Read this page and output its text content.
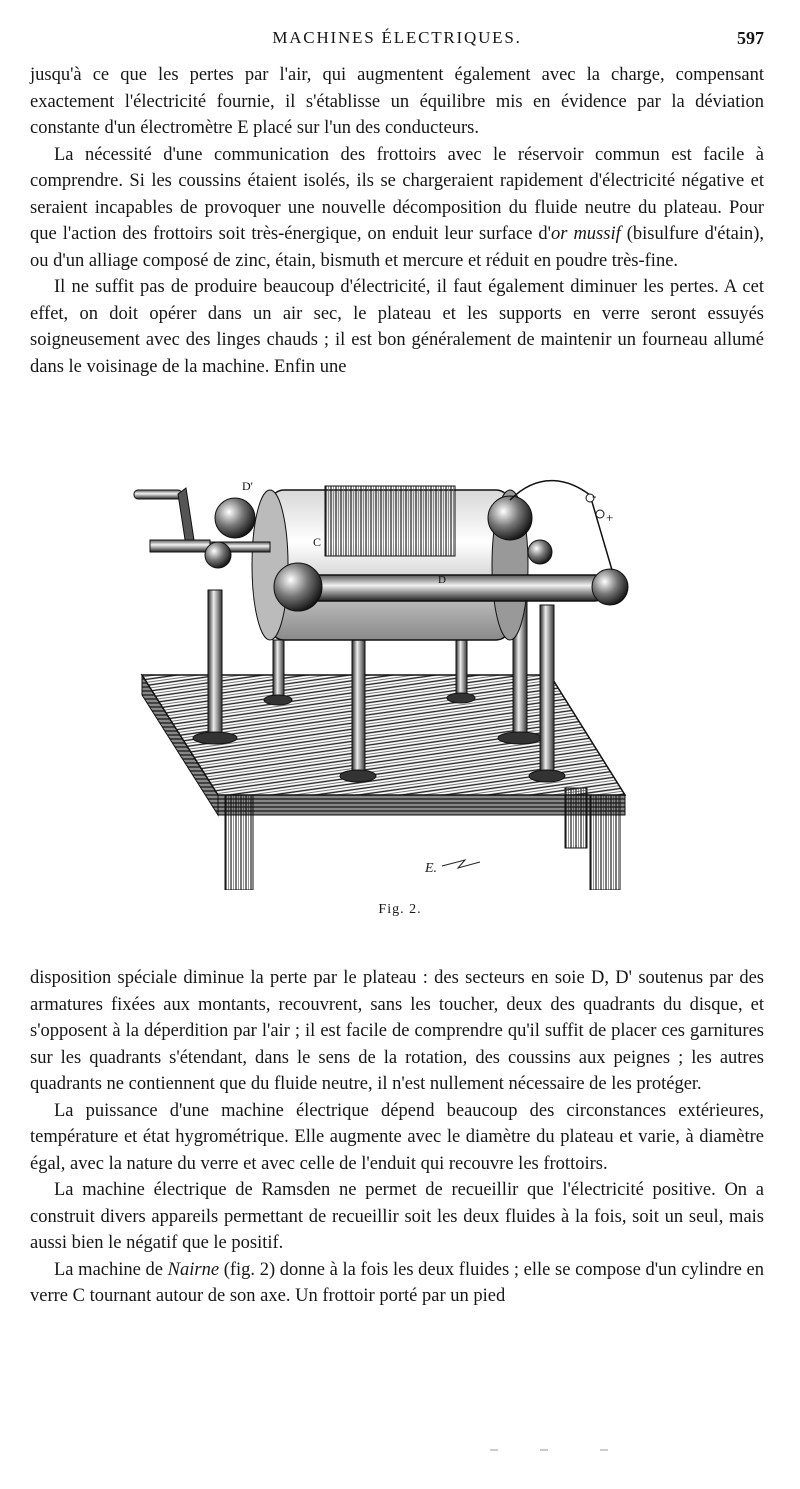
MACHINES ÉLECTRIQUES.	597

jusqu'à ce que les pertes par l'air, qui augmentent également avec la charge, compensant exactement l'électricité fournie, il s'établisse un équilibre mis en évidence par la déviation constante d'un électromètre E placé sur l'un des conducteurs.

La nécessité d'une communication des frottoirs avec le réservoir commun est facile à comprendre. Si les coussins étaient isolés, ils se chargeraient rapidement d'électricité négative et seraient incapables de provoquer une nouvelle décomposition du fluide neutre du plateau. Pour que l'action des frottoirs soit très-énergique, on enduit leur surface d'or mussif (bisulfure d'étain), ou d'un alliage composé de zinc, étain, bismuth et mercure et réduit en poudre très-fine.

Il ne suffit pas de produire beaucoup d'électricité, il faut également diminuer les pertes. A cet effet, on doit opérer dans un air sec, le plateau et les supports en verre seront essuyés soigneusement avec des linges chauds ; il est bon généralement de maintenir un fourneau allumé dans le voisinage de la machine. Enfin une

D'
C
D
-
+
E.
Fig. 2.

disposition spéciale diminue la perte par le plateau : des secteurs en soie D, D' soutenus par des armatures fixées aux montants, recouvrent, sans les toucher, deux des quadrants du disque, et s'opposent à la déperdition par l'air ; il est facile de comprendre qu'il suffit de placer ces garnitures sur les quadrants s'étendant, dans le sens de la rotation, des coussins aux peignes ; les autres quadrants ne contiennent que du fluide neutre, il n'est nullement nécessaire de les protéger.

La puissance d'une machine électrique dépend beaucoup des circonstances extérieures, température et état hygrométrique. Elle augmente avec le diamètre du plateau et varie, à diamètre égal, avec la nature du verre et avec celle de l'enduit qui recouvre les frottoirs.

La machine électrique de Ramsden ne permet de recueillir que l'électricité positive. On a construit divers appareils permettant de recueillir soit les deux fluides à la fois, soit un seul, mais aussi bien le négatif que le positif.

La machine de Nairne (fig. 2) donne à la fois les deux fluides ; elle se compose d'un cylindre en verre C tournant autour de son axe. Un frottoir porté par un pied
